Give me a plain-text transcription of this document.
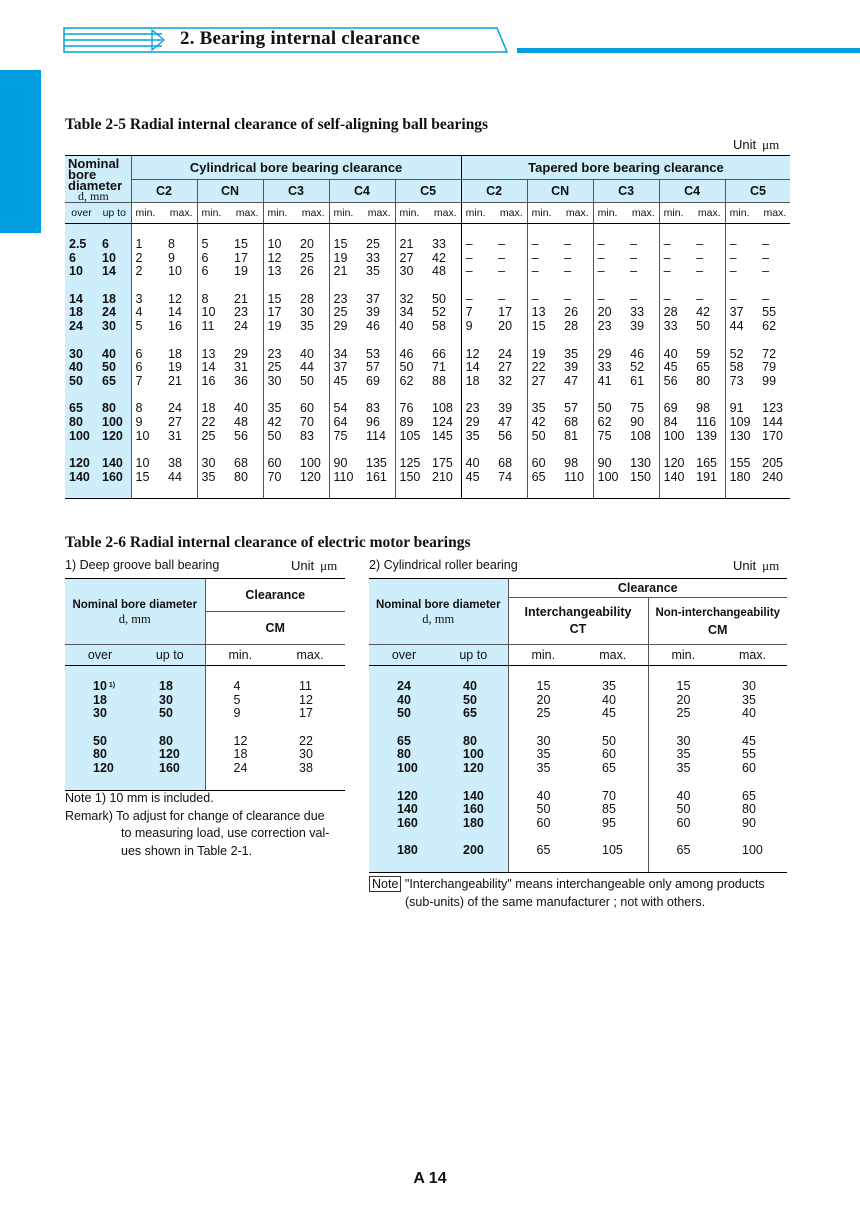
2. Bearing internal clearance
Table 2-5 Radial internal clearance of self-aligning ball bearings
Unit μm
Nominal bore diameter
d, mm		Cylindrical bore bearing clearance										Tapered bore bearing clearance									
		C2		CN		C3		C4		C5		C2		CN		C3		C4		C5	
over	up to	min. max.		min. max.		min. max.		min. max.		min. max.		min. max.		min. max.		min. max.		min. max.		min. max.	

2.5	6	1	8	5	15	10	20	15	25	21	33	–	–	–	–	–	–	–	–	–	–
6	10	2	9	6	17	12	25	19	33	27	42	–	–	–	–	–	–	–	–	–	–
10	14	2	10	6	19	13	26	21	35	30	48	–	–	–	–	–	–	–	–	–	–

14	18	3	12	8	21	15	28	23	37	32	50	–	–	–	–	–	–	–	–	–	–
18	24	4	14	10	23	17	30	25	39	34	52	7	17	13	26	20	33	28	42	37	55
24	30	5	16	11	24	19	35	29	46	40	58	9	20	15	28	23	39	33	50	44	62

30	40	6	18	13	29	23	40	34	53	46	66	12	24	19	35	29	46	40	59	52	72
40	50	6	19	14	31	25	44	37	57	50	71	14	27	22	39	33	52	45	65	58	79
50	65	7	21	16	36	30	50	45	69	62	88	18	32	27	47	41	61	56	80	73	99

65	80	8	24	18	40	35	60	54	83	76	108	23	39	35	57	50	75	69	98	91	123
80	100	9	27	22	48	42	70	64	96	89	124	29	47	42	68	62	90	84	116	109	144
100	120	10	31	25	56	50	83	75	114	105	145	35	56	50	81	75	108	100	139	130	170

120	140	10	38	30	68	60	100	90	135	125	175	40	68	60	98	90	130	120	165	155	205
140	160	15	44	35	80	70	120	110	161	150	210	45	74	65	110	100	150	140	191	180	240

Table 2-6 Radial internal clearance of electric motor bearings
1) Deep groove ball bearing	Unit μm	2) Cylindrical roller bearing	Unit μm
Nominal bore diameter
d, mm		Clearance	
		CM	
over	up to	min.	max.

10 $^{1)}$	18	4	11
18	30	5	12
30	50	9	17

50	80	12	22
80	120	18	30
120	160	24	38

Note 1) 10 mm is included.
Remark) To adjust for change of clearance due
to measuring load, use correction val-
ues shown in Table 2-1.
Nominal bore diameter
d, mm		Clearance			
		Interchangeability
CT		Non-interchangeability
CM	
over	up to	min.	max.	min.	max.

24	40	15	35	15	30
40	50	20	40	20	35
50	65	25	45	25	40

65	80	30	50	30	45
80	100	35	60	35	55
100	120	35	65	35	60

120	140	40	70	40	65
140	160	50	85	50	80
160	180	60	95	60	90

180	200	65	105	65	100

Note "Interchangeability" means interchangeable only among products
(sub-units) of the same manufacturer ; not with others.
A 14
